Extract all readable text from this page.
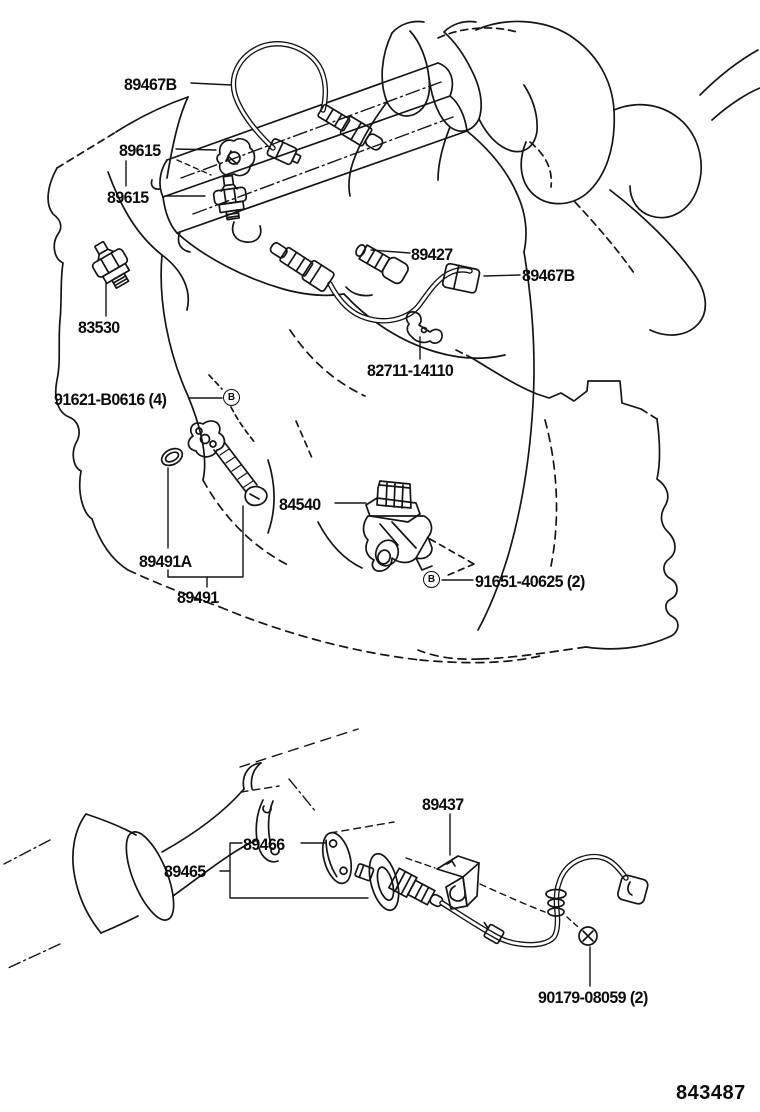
89467B
89615
89615
89427
89467B
83530
82711-14110
91621-B0616 (4)
84540
89491A
89491
91651-40625 (2)
89437
89466
89465
90179-08059 (2)
B
B
843487
